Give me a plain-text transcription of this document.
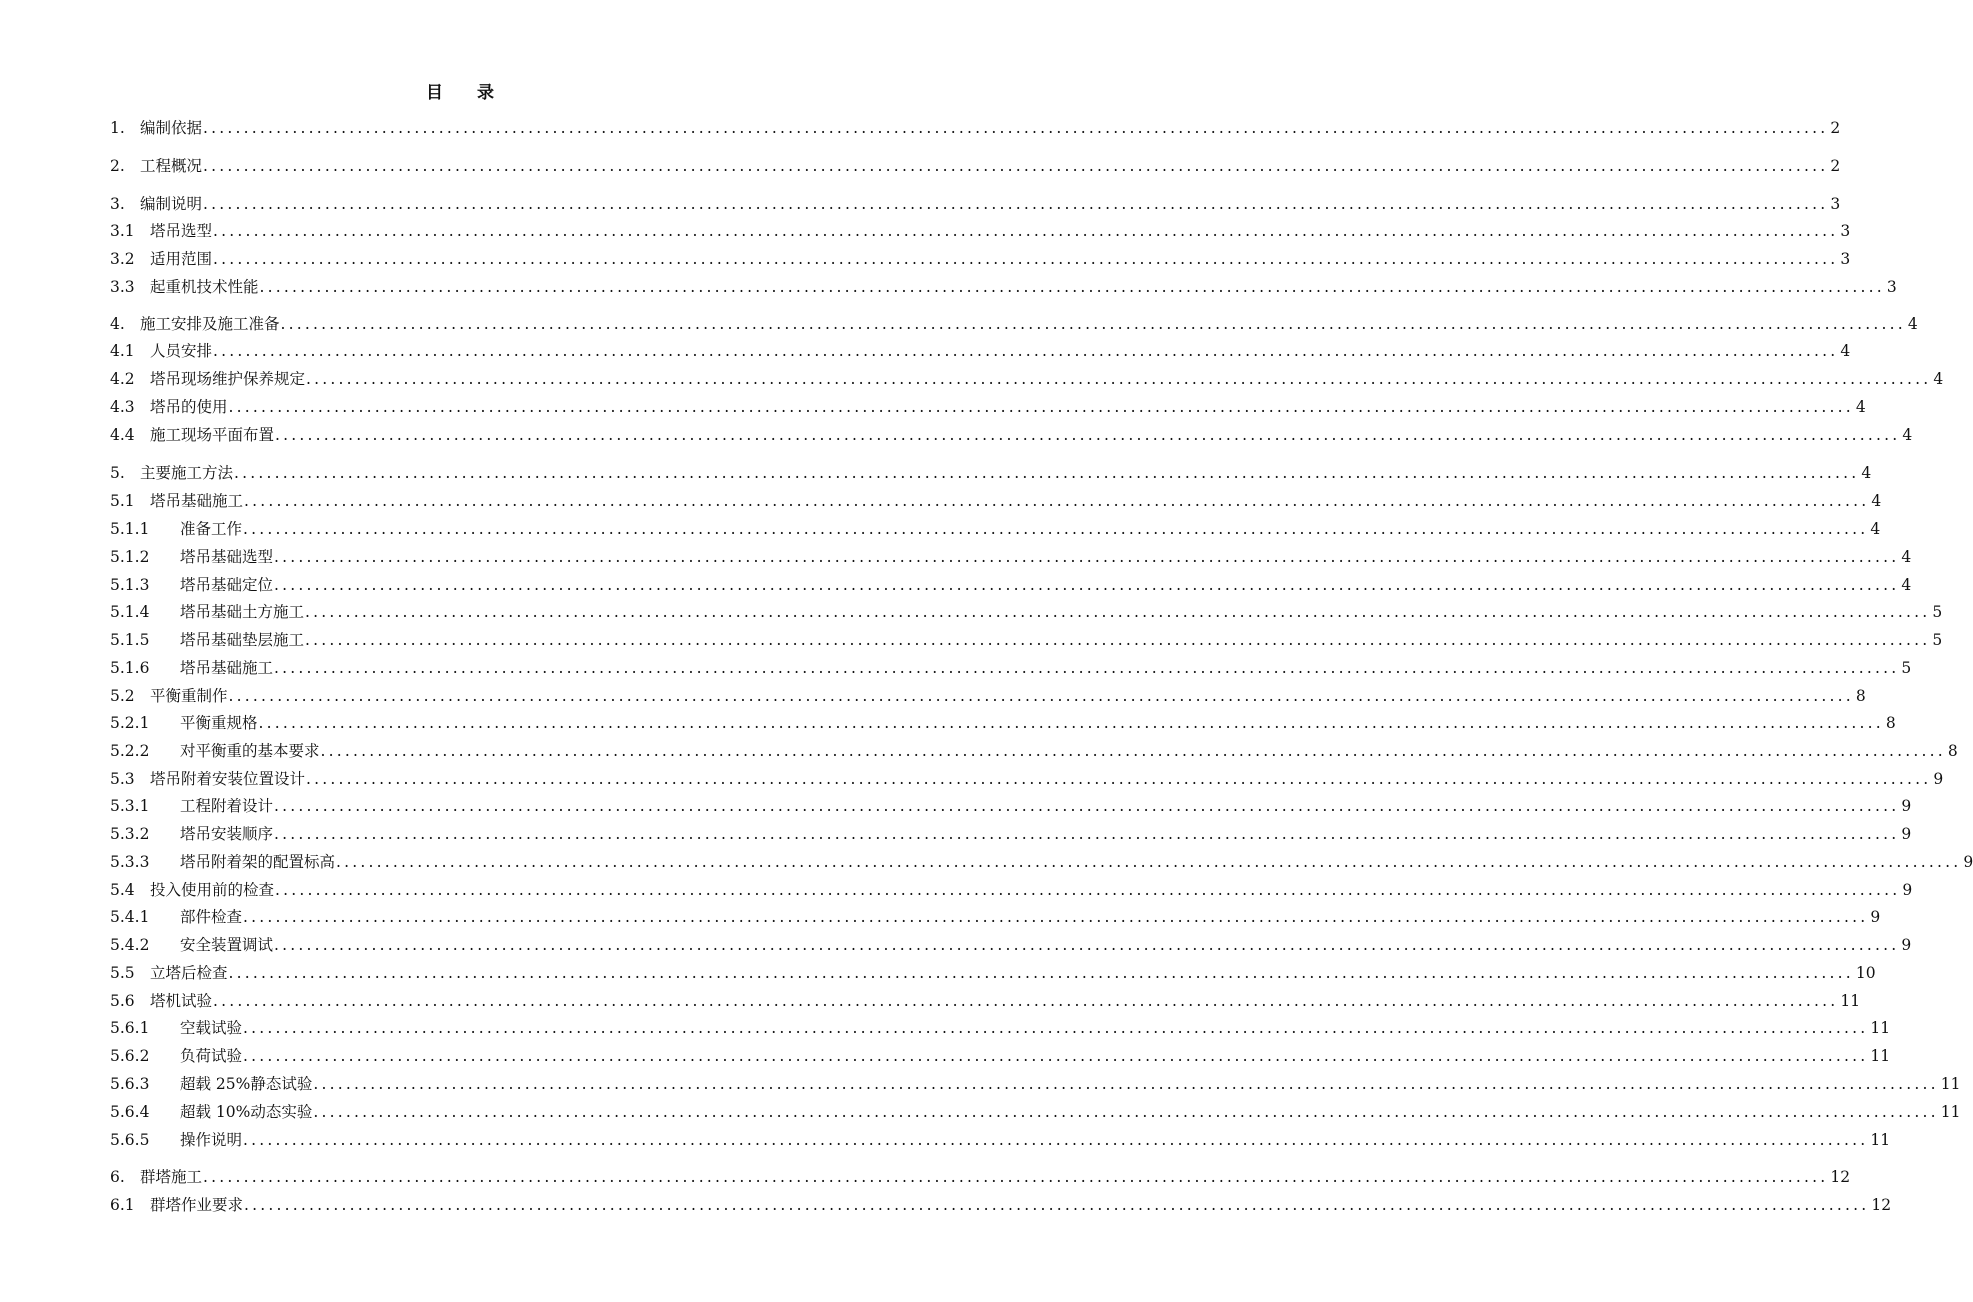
目 录
1. 编制依据 ........................................................................................................................................................................................................ 2
2. 工程概况 ........................................................................................................................................................................................................ 2
3. 编制说明 ........................................................................................................................................................................................................ 3
3.1 塔吊选型 ........................................................................................................................................................................................................ 3
3.2 适用范围 ........................................................................................................................................................................................................ 3
3.3 起重机技术性能 ........................................................................................................................................................................................................ 3
4. 施工安排及施工准备 ........................................................................................................................................................................................................ 4
4.1 人员安排 ........................................................................................................................................................................................................ 4
4.2 塔吊现场维护保养规定 ........................................................................................................................................................................................................ 4
4.3 塔吊的使用 ........................................................................................................................................................................................................ 4
4.4 施工现场平面布置 ........................................................................................................................................................................................................ 4
5. 主要施工方法 ........................................................................................................................................................................................................ 4
5.1 塔吊基础施工 ........................................................................................................................................................................................................ 4
5.1.1	准备工作 ........................................................................................................................................................................................................ 4
5.1.2	塔吊基础选型 ........................................................................................................................................................................................................ 4
5.1.3	塔吊基础定位 ........................................................................................................................................................................................................ 4
5.1.4	塔吊基础土方施工 ........................................................................................................................................................................................................ 5
5.1.5	塔吊基础垫层施工 ........................................................................................................................................................................................................ 5
5.1.6	塔吊基础施工 ........................................................................................................................................................................................................ 5
5.2 平衡重制作 ........................................................................................................................................................................................................ 8
5.2.1	平衡重规格 ........................................................................................................................................................................................................ 8
5.2.2	对平衡重的基本要求 ........................................................................................................................................................................................................ 8
5.3 塔吊附着安装位置设计 ........................................................................................................................................................................................................ 9
5.3.1	工程附着设计 ........................................................................................................................................................................................................ 9
5.3.2	塔吊安装顺序 ........................................................................................................................................................................................................ 9
5.3.3	塔吊附着架的配置标高 ........................................................................................................................................................................................................ 9
5.4 投入使用前的检查 ........................................................................................................................................................................................................ 9
5.4.1	部件检查 ........................................................................................................................................................................................................ 9
5.4.2	安全装置调试 ........................................................................................................................................................................................................ 9
5.5 立塔后检查 ........................................................................................................................................................................................................ 10
5.6 塔机试验 ........................................................................................................................................................................................................ 11
5.6.1	空载试验 ........................................................................................................................................................................................................ 11
5.6.2	负荷试验 ........................................................................................................................................................................................................ 11
5.6.3	超载 25%静态试验 ........................................................................................................................................................................................................ 11
5.6.4	超载 10%动态实验 ........................................................................................................................................................................................................ 11
5.6.5	操作说明 ........................................................................................................................................................................................................ 11
6. 群塔施工 ........................................................................................................................................................................................................ 12
6.1 群塔作业要求 ........................................................................................................................................................................................................ 12
